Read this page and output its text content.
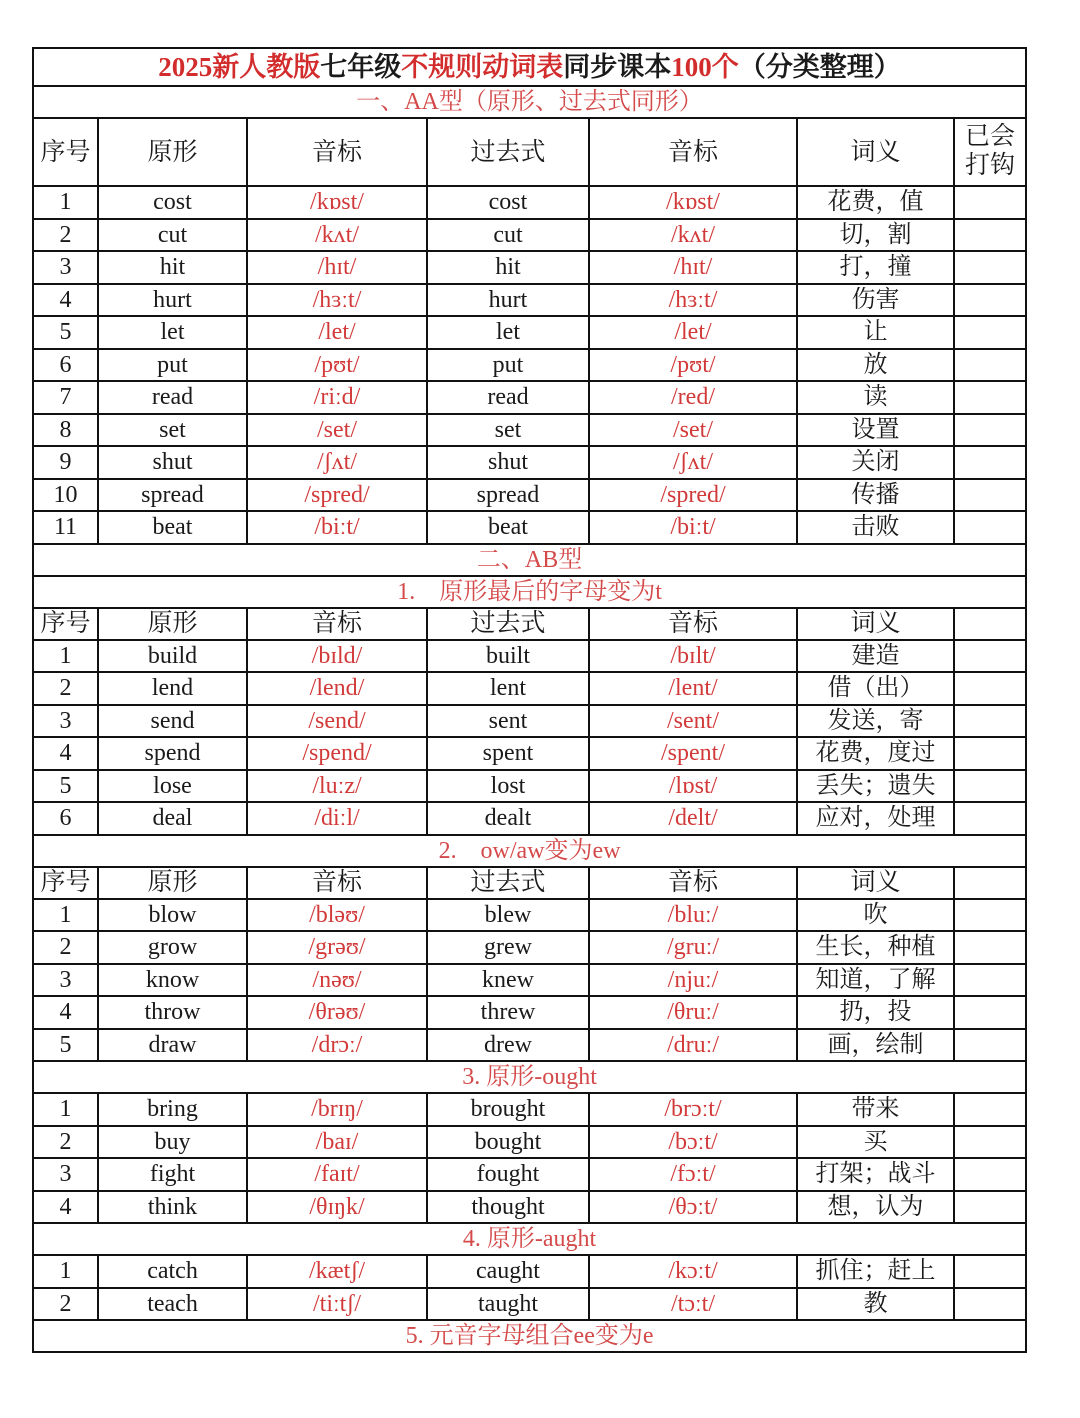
2025新人教版七年级不规则动词表同步课本100个（分类整理）						
一、AA型（原形、过去式同形）						
序号	原形	音标	过去式	音标	词义	已会打钩
1	cost	/kɒst/	cost	/kɒst/	花费，值	
2	cut	/kʌt/	cut	/kʌt/	切，割	
3	hit	/hɪt/	hit	/hɪt/	打，撞	
4	hurt	/hɜːt/	hurt	/hɜːt/	伤害	
5	let	/let/	let	/let/	让	
6	put	/pʊt/	put	/pʊt/	放	
7	read	/riːd/	read	/red/	读	
8	set	/set/	set	/set/	设置	
9	shut	/ʃʌt/	shut	/ʃʌt/	关闭	
10	spread	/spred/	spread	/spred/	传播	
11	beat	/biːt/	beat	/biːt/	击败	
二、AB型						
1.　原形最后的字母变为t						
序号	原形	音标	过去式	音标	词义	
1	build	/bɪld/	built	/bɪlt/	建造	
2	lend	/lend/	lent	/lent/	借（出）	
3	send	/send/	sent	/sent/	发送，寄	
4	spend	/spend/	spent	/spent/	花费，度过	
5	lose	/luːz/	lost	/lɒst/	丢失；遗失	
6	deal	/diːl/	dealt	/delt/	应对，处理	
2.　ow/aw变为ew						
序号	原形	音标	过去式	音标	词义	
1	blow	/bləʊ/	blew	/bluː/	吹	
2	grow	/grəʊ/	grew	/gruː/	生长，种植	
3	know	/nəʊ/	knew	/njuː/	知道，了解	
4	throw	/θrəʊ/	threw	/θruː/	扔，投	
5	draw	/drɔː/	drew	/druː/	画，绘制	
3. 原形-ought						
1	bring	/brɪŋ/	brought	/brɔːt/	带来	
2	buy	/baɪ/	bought	/bɔːt/	买	
3	fight	/faɪt/	fought	/fɔːt/	打架；战斗	
4	think	/θɪŋk/	thought	/θɔːt/	想，认为	
4. 原形-aught						
1	catch	/kætʃ/	caught	/kɔːt/	抓住；赶上	
2	teach	/tiːtʃ/	taught	/tɔːt/	教	
5. 元音字母组合ee变为e						
